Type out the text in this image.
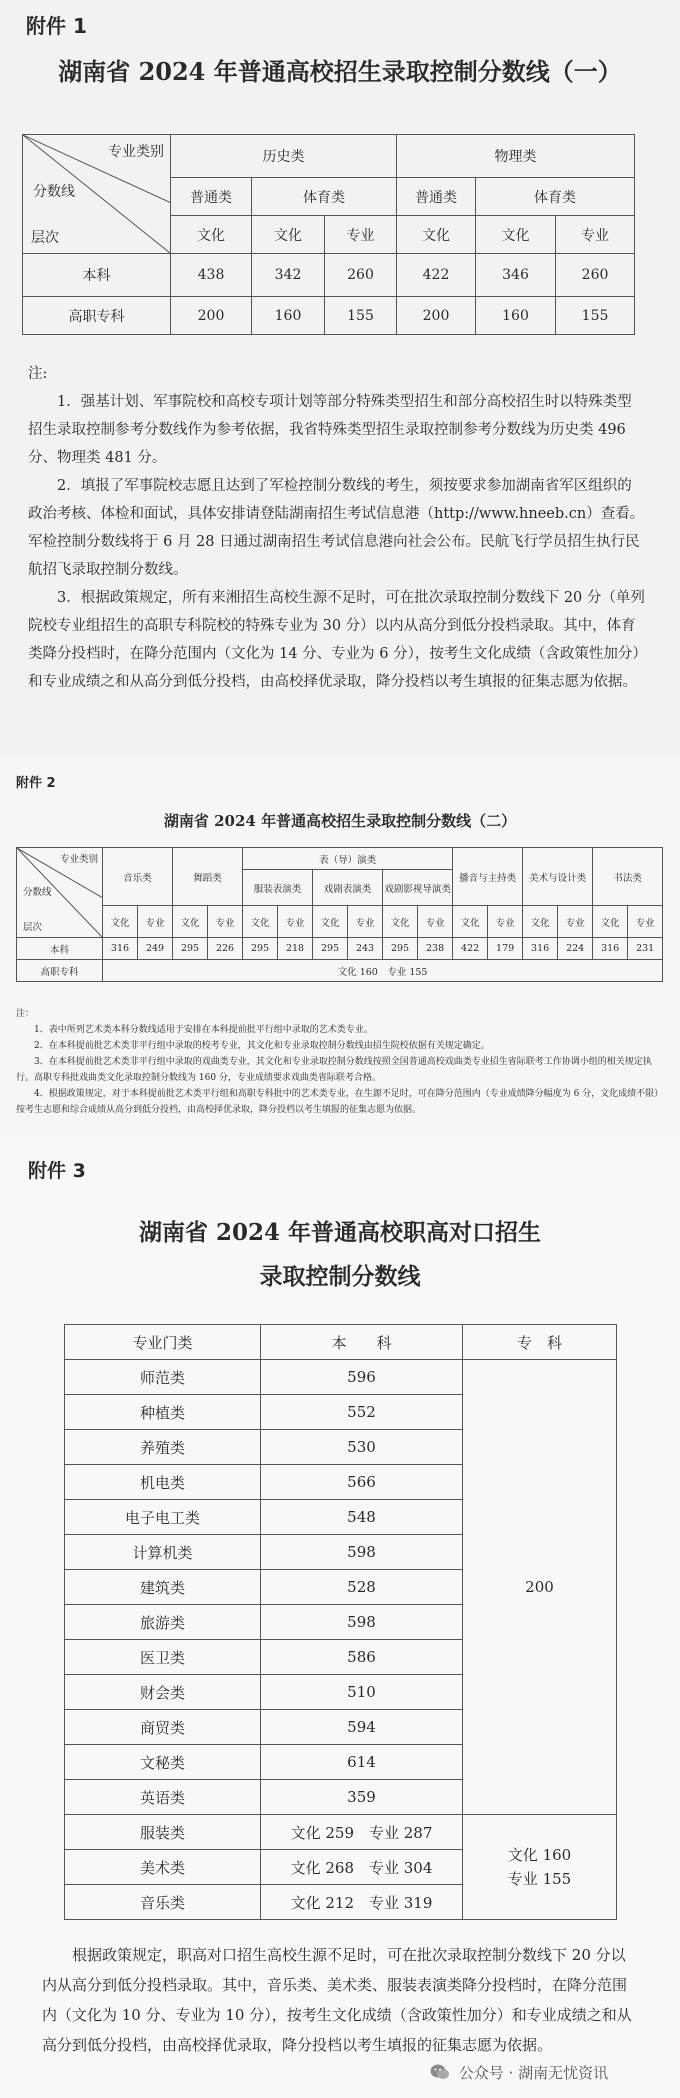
附件 1
湖南省 2024 年普通高校招生录取控制分数线（一）
专业类别
分数线
层次	历史类			物理类		
	普通类	体育类		普通类	体育类	
	文化	文化	专业	文化	文化	专业
本科	438	342	260	422	346	260
高职专科	200	160	155	200	160	155

注:

1．强基计划、军事院校和高校专项计划等部分特殊类型招生和部分高校招生时以特殊类型招生录取控制参考分数线作为参考依据，我省特殊类型招生录取控制参考分数线为历史类 496 分、物理类 481 分。

2．填报了军事院校志愿且达到了军检控制分数线的考生，须按要求参加湖南省军区组织的政治考核、体检和面试，具体安排请登陆湖南招生考试信息港（http://www.hneeb.cn）查看。军检控制分数线将于 6 月 28 日通过湖南招生考试信息港向社会公布。民航飞行学员招生执行民航招飞录取控制分数线。

3．根据政策规定，所有来湘招生高校生源不足时，可在批次录取控制分数线下 20 分（单列院校专业组招生的高职专科院校的特殊专业为 30 分）以内从高分到低分投档录取。其中，体育类降分投档时，在降分范围内（文化为 14 分、专业为 6 分），按考生文化成绩（含政策性加分）和专业成绩之和从高分到低分投档，由高校择优录取，降分投档以考生填报的征集志愿为依据。

附件 2
湖南省 2024 年普通高校招生录取控制分数线（二）
专业类别
分数线
层次	音乐类		舞蹈类		表（导）演类						播音与主持类		美术与设计类		书法类	
					服装表演类		戏剧表演类		戏剧影视导演类							
	文化	专业	文化	专业	文化	专业	文化	专业	文化	专业	文化	专业	文化	专业	文化	专业
本科	316	249	295	226	295	218	295	243	295	238	422	179	316	224	316	231
高职专科	文化 160　专业 155															

注：

1．表中所列艺术类本科分数线适用于安排在本科提前批平行组中录取的艺术类专业。

2．在本科提前批艺术类非平行组中录取的校考专业，其文化和专业录取控制分数线由招生院校依据有关规定确定。

3．在本科提前批艺术类非平行组中录取的戏曲类专业，其文化和专业录取控制分数线按照全国普通高校戏曲类专业招生省际联考工作协调小组的相关规定执行。高职专科批戏曲类文化录取控制分数线为 160 分，专业成绩要求戏曲类省际联考合格。

4．根据政策规定，对于本科提前批艺术类平行组和高职专科批中的艺术类专业，在生源不足时，可在降分范围内（专业成绩降分幅度为 6 分，文化成绩不限）按考生志愿和综合成绩从高分到低分投档，由高校择优录取，降分投档以考生填报的征集志愿为依据。

附件 3
湖南省 2024 年普通高校职高对口招生
录取控制分数线
专业门类	本　　科	专　科
师范类	596	200
种植类	552	
养殖类	530	
机电类	566	
电子电工类	548	
计算机类	598	
建筑类	528	
旅游类	598	
医卫类	586	
财会类	510	
商贸类	594	
文秘类	614	
英语类	359	
服装类	文化 259　专业 287	文化 160
专业 155

美术类	文化 268　专业 304	
音乐类	文化 212　专业 319	

根据政策规定，职高对口招生高校生源不足时，可在批次录取控制分数线下 20 分以内从高分到低分投档录取。其中，音乐类、美术类、服装表演类降分投档时，在降分范围内（文化为 10 分、专业为 10 分），按考生文化成绩（含政策性加分）和专业成绩之和从高分到低分投档，由高校择优录取，降分投档以考生填报的征集志愿为依据。

公众号 · 湖南无忧资讯
